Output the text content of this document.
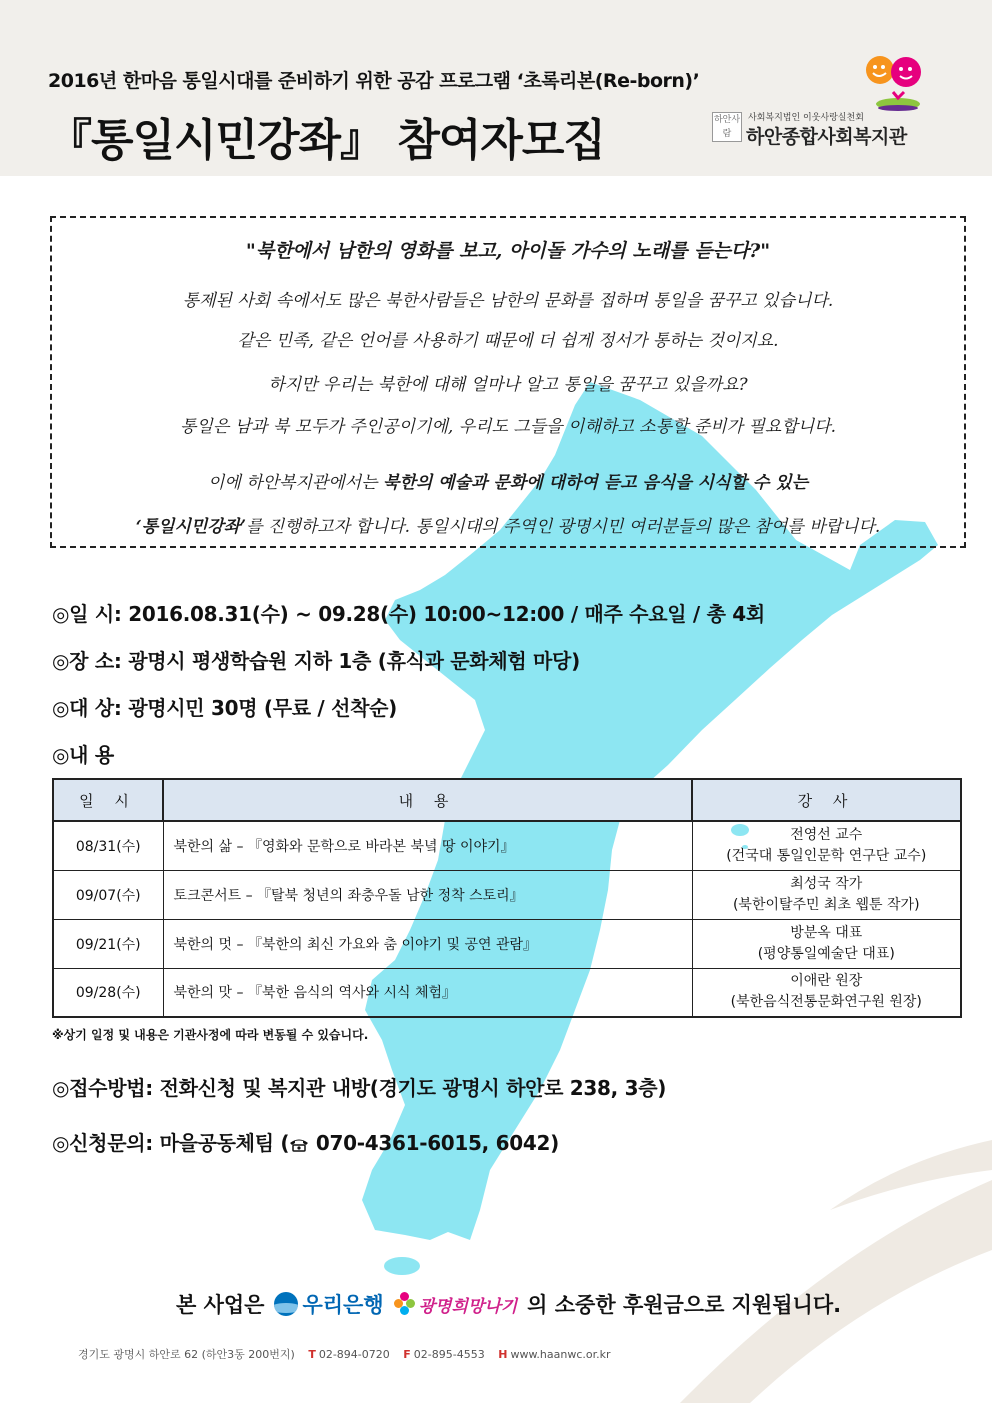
2016년 한마음 통일시대를 준비하기 위한 공감 프로그램 ‘초록리본(Re-born)’
『통일시민강좌』 참여자모집	하안사람
사회복지법인 이웃사랑실천회
하안종합사회복지관
"북한에서 남한의 영화를 보고, 아이돌 가수의 노래를 듣는다?"
통제된 사회 속에서도 많은 북한사람들은 남한의 문화를 접하며 통일을 꿈꾸고 있습니다.
같은 민족, 같은 언어를 사용하기 때문에 더 쉽게 정서가 통하는 것이지요.
하지만 우리는 북한에 대해 얼마나 알고 통일을 꿈꾸고 있을까요?
통일은 남과 북 모두가 주인공이기에, 우리도 그들을 이해하고 소통할 준비가 필요합니다.
이에 하안복지관에서는 북한의 예술과 문화에 대하여 듣고 음식을 시식할 수 있는
‘통일시민강좌’를 진행하고자 합니다. 통일시대의 주역인 광명시민 여러분들의 많은 참여를 바랍니다.
◎일 시: 2016.08.31(수) ~ 09.28(수) 10:00~12:00 / 매주 수요일 / 총 4회
◎장 소: 광명시 평생학습원 지하 1층 (휴식과 문화체험 마당)
◎대 상: 광명시민 30명 (무료 / 선착순)
◎내 용
일 시	내 용	강 사
08/31(수)	북한의 삶 – 『영화와 문학으로 바라본 북녘 땅 이야기』	전영선 교수
(건국대 통일인문학 연구단 교수)

09/07(수)	토크콘서트 – 『탈북 청년의 좌충우돌 남한 정착 스토리』	최성국 작가
(북한이탈주민 최초 웹툰 작가)

09/21(수)	북한의 멋 – 『북한의 최신 가요와 춤 이야기 및 공연 관람』	방분옥 대표
(평양통일예술단 대표)

09/28(수)	북한의 맛 – 『북한 음식의 역사와 시식 체험』	이애란 원장
(북한음식전통문화연구원 원장)
※상기 일정 및 내용은 기관사정에 따라 변동될 수 있습니다.
◎접수방법: 전화신청 및 복지관 내방(경기도 광명시 하안로 238, 3층)
◎신청문의: 마을공동체팀 ( 070-4361-6015, 6042)
본 사업은 우리은행 광명희망나기 의 소중한 후원금으로 지원됩니다.
경기도 광명시 하안로 62 (하안3동 200번지) T 02-894-0720 F 02-895-4553 H www.haanwc.or.kr
